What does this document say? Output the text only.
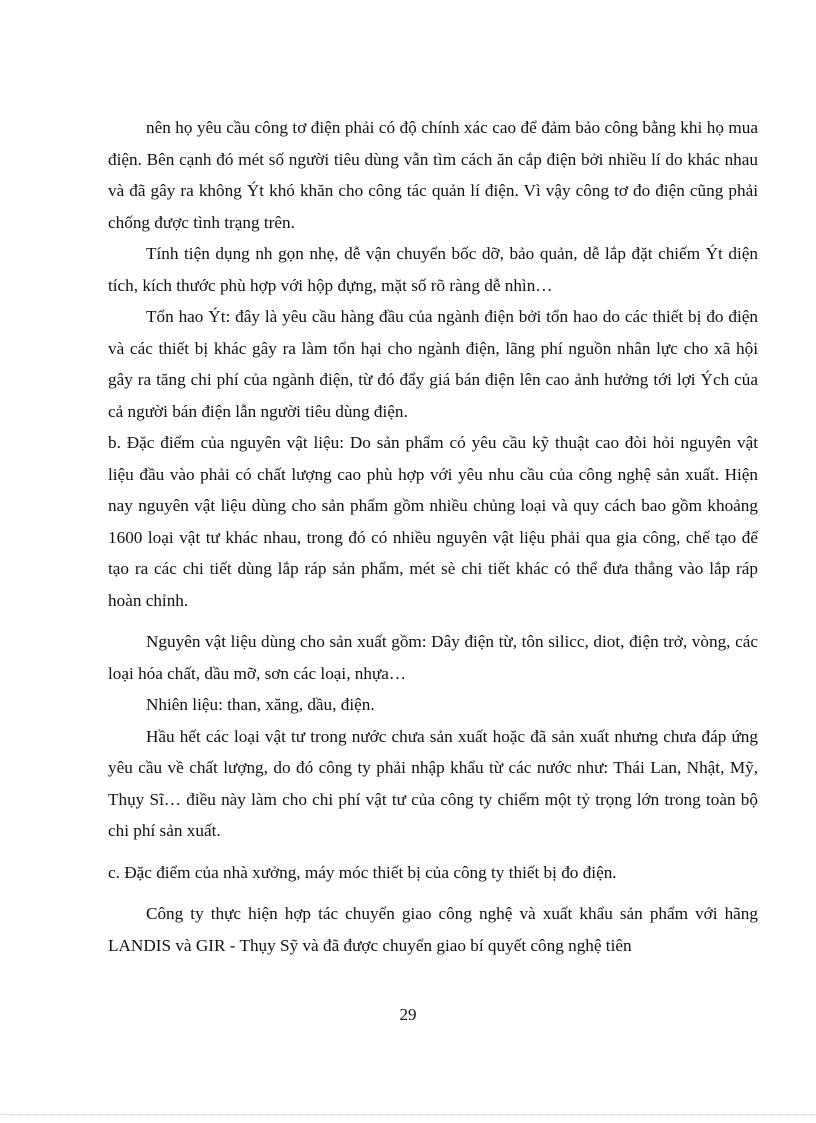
nên họ yêu cầu công tơ điện phải có độ chính xác cao để đảm bảo công bằng khi họ mua điện. Bên cạnh đó mét số người tiêu dùng vẫn tìm cách ăn cắp điện bởi nhiều lí do khác nhau và đã gây ra không Ýt khó khăn cho công tác quản lí điện. Vì vậy công tơ đo điện cũng phải chống được tình trạng trên.

Tính tiện dụng nh gọn nhẹ, dễ vận chuyển bốc dỡ, bảo quản, dễ lắp đặt chiếm Ýt diện tích, kích thước phù hợp với hộp đựng, mặt số rõ ràng dễ nhìn…

Tổn hao Ýt: đây là yêu cầu hàng đầu của ngành điện bởi tổn hao do các thiết bị đo điện và các thiết bị khác gây ra làm tổn hại cho ngành điện, lãng phí nguồn nhân lực cho xã hội gây ra tăng chi phí của ngành điện, từ đó đẩy giá bán điện lên cao ảnh hưởng tới lợi Ých của cả người bán điện lẫn người tiêu dùng điện.

b. Đặc điểm của nguyên vật liệu: Do sản phẩm có yêu cầu kỹ thuật cao đòi hỏi nguyên vật liệu đầu vào phải có chất lượng cao phù hợp với yêu nhu cầu của công nghệ sản xuất. Hiện nay nguyên vật liệu dùng cho sản phẩm gồm nhiều chủng loại và quy cách bao gồm khoảng 1600 loại vật tư khác nhau, trong đó có nhiều nguyên vật liệu phải qua gia công, chế tạo để tạo ra các chi tiết dùng lắp ráp sản phẩm, mét sè chi tiết khác có thể đưa thẳng vào lắp ráp hoàn chỉnh.

Nguyên vật liệu dùng cho sản xuất gồm: Dây điện từ, tôn silicc, diot, điện trở, vòng, các loại hóa chất, dầu mỡ, sơn các loại, nhựa…

Nhiên liệu: than, xăng, dầu, điện.

Hầu hết các loại vật tư trong nước chưa sản xuất hoặc đã sản xuất nhưng chưa đáp ứng yêu cầu về chất lượng, do đó công ty phải nhập khẩu từ các nước như: Thái Lan, Nhật, Mỹ, Thụy Sĩ… điều này làm cho chi phí vật tư của công ty chiếm một tỷ trọng lớn trong toàn bộ chi phí sản xuất.

c. Đặc điểm của nhà xưởng, máy móc thiết bị của công ty thiết bị đo điện.

Công ty thực hiện hợp tác chuyển giao công nghệ và xuất khẩu sản phẩm với hãng LANDIS và GIR - Thụy Sỹ và đã được chuyển giao bí quyết công nghệ tiên

29
